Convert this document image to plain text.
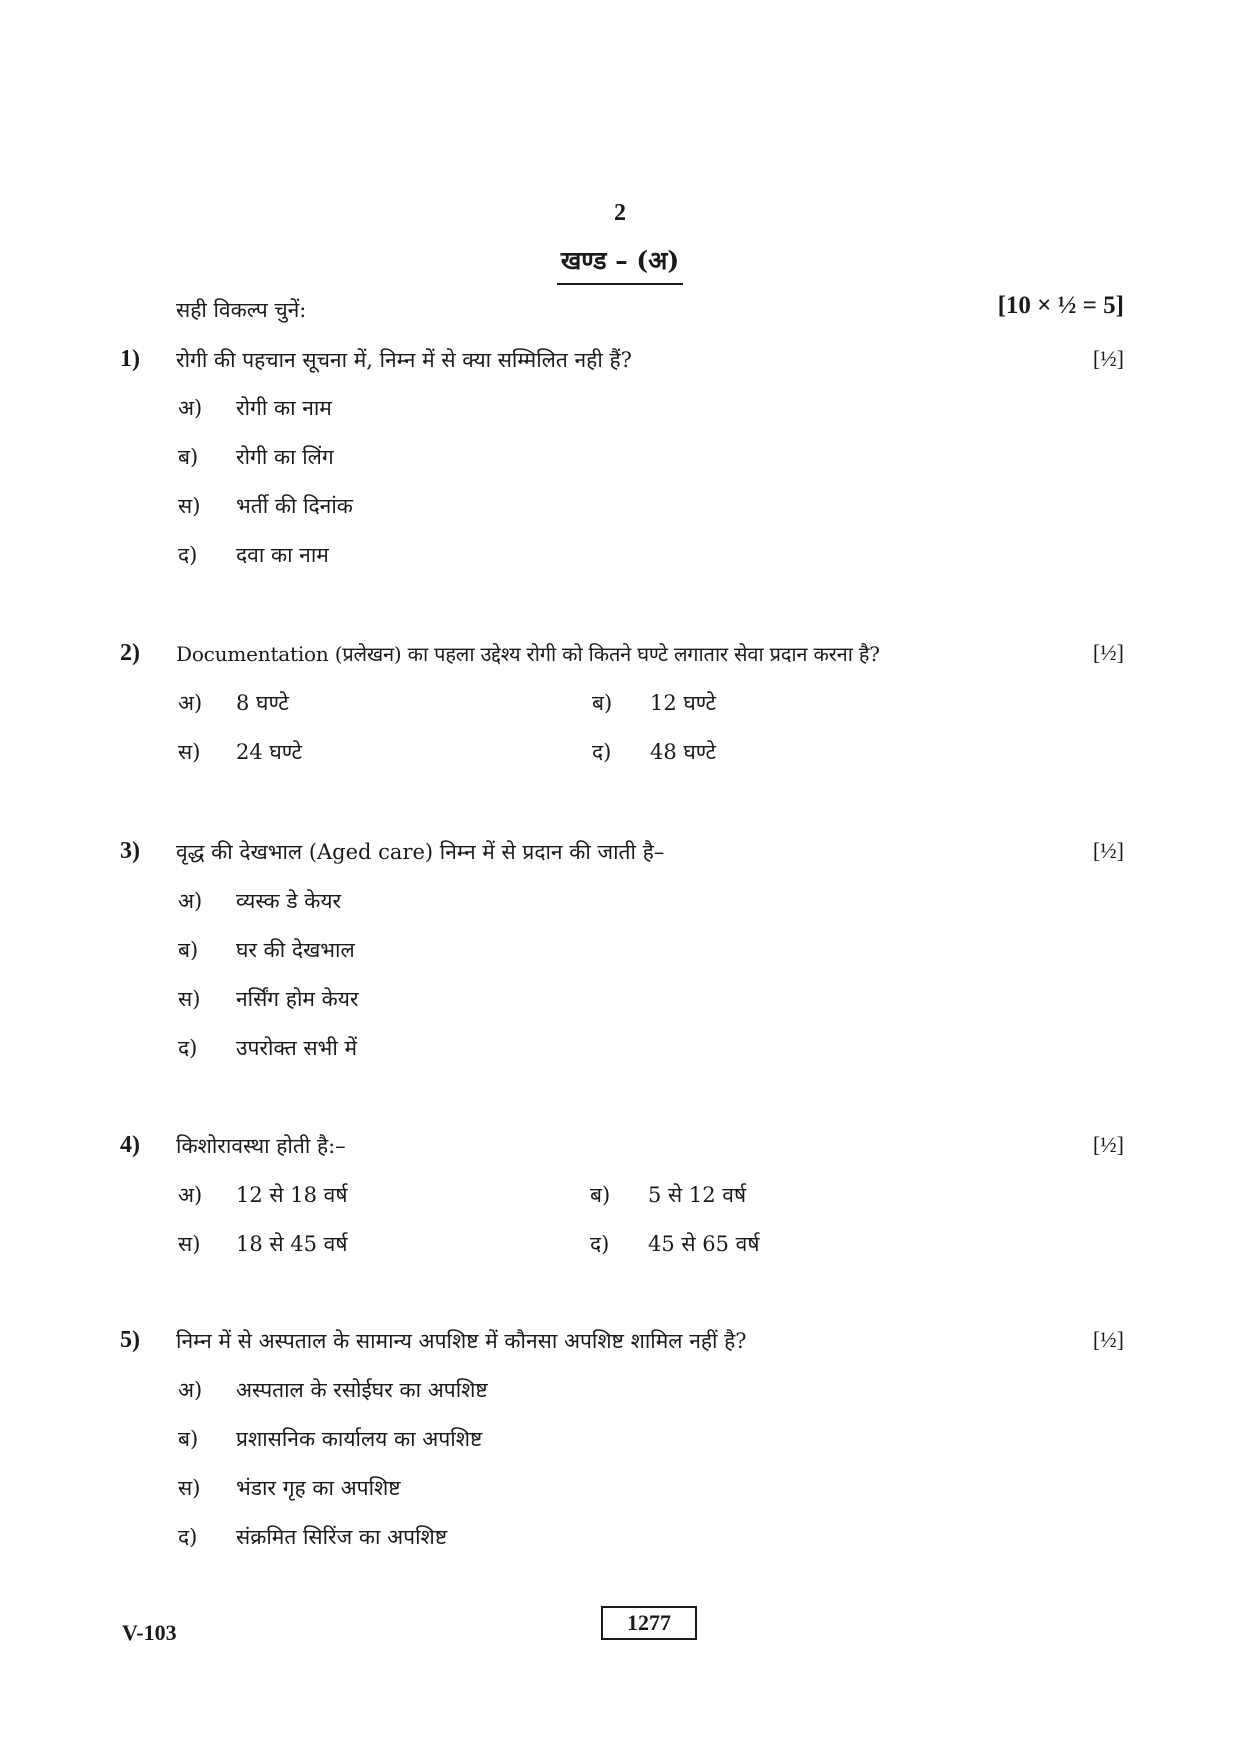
2
खण्ड – (अ)
सही विकल्प चुनें:	[10 × ½ = 5]
1) रोगी की पहचान सूचना में, निम्न में से क्या सम्मिलित नही हैं?	[½]
अ) रोगी का नाम
ब) रोगी का लिंग
स) भर्ती की दिनांक
द) दवा का नाम
2) Documentation (प्रलेखन) का पहला उद्देश्य रोगी को कितने घण्टे लगातार सेवा प्रदान करना है?	[½]
अ) 8 घण्टे	ब) 12 घण्टे
स) 24 घण्टे	द) 48 घण्टे
3) वृद्ध की देखभाल (Aged care) निम्न में से प्रदान की जाती है–	[½]
अ) व्यस्क डे केयर
ब) घर की देखभाल
स) नर्सिंग होम केयर
द) उपरोक्त सभी में
4) किशोरावस्था होती है:–	[½]
अ) 12 से 18 वर्ष	ब) 5 से 12 वर्ष
स) 18 से 45 वर्ष	द) 45 से 65 वर्ष
5) निम्न में से अस्पताल के सामान्य अपशिष्ट में कौनसा अपशिष्ट शामिल नहीं है?	[½]
अ) अस्पताल के रसोईघर का अपशिष्ट
ब) प्रशासनिक कार्यालय का अपशिष्ट
स) भंडार गृह का अपशिष्ट
द) संक्रमित सिरिंज का अपशिष्ट
V-103	1277
